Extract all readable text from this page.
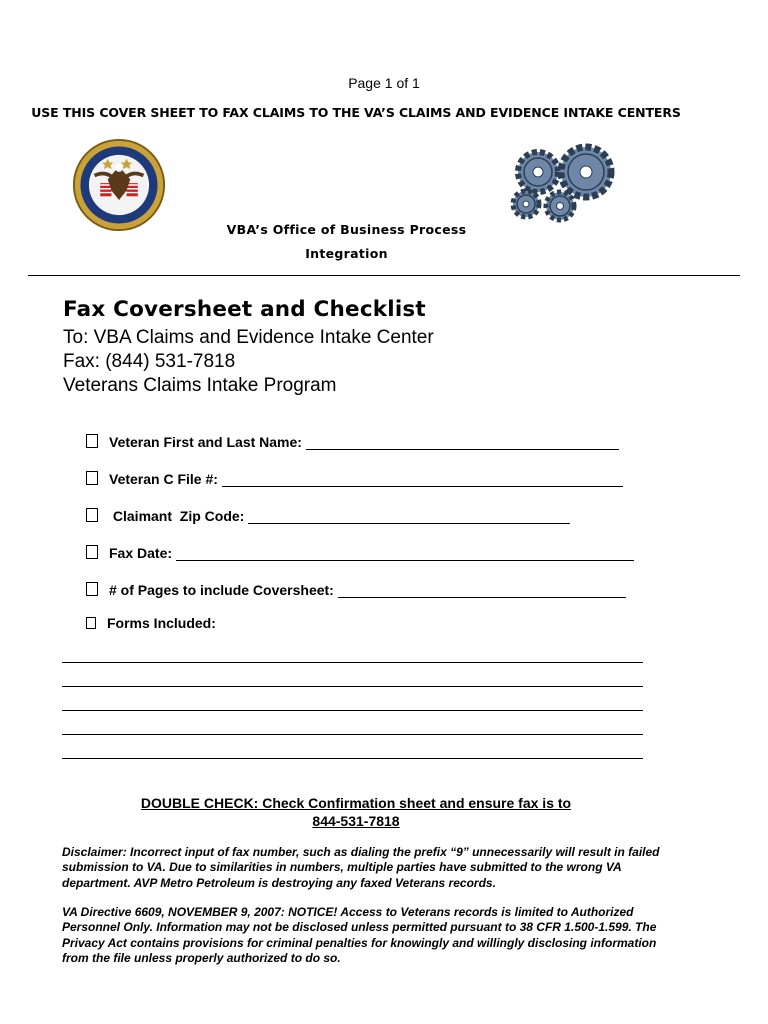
Page 1 of 1
USE THIS COVER SHEET TO FAX CLAIMS TO THE VA’S CLAIMS AND EVIDENCE INTAKE CENTERS
VBA’s Office of Business Process
Integration
Fax Coversheet and Checklist
To: VBA Claims and Evidence Intake Center
Fax: (844) 531-7818
Veterans Claims Intake Program
Veteran First and Last Name:
Veteran C File #:
Claimant  Zip Code:
Fax Date:
# of Pages to include Coversheet:
Forms Included:
DOUBLE CHECK: Check Confirmation sheet and ensure fax is to
844-531-7818
Disclaimer: Incorrect input of fax number, such as dialing the prefix “9” unnecessarily will result in failed submission to VA. Due to similarities in numbers, multiple parties have submitted to the wrong VA department. AVP Metro Petroleum is destroying any faxed Veterans records.
VA Directive 6609, NOVEMBER 9, 2007: NOTICE! Access to Veterans records is limited to Authorized Personnel Only. Information may not be disclosed unless permitted pursuant to 38 CFR 1.500-1.599. The Privacy Act contains provisions for criminal penalties for knowingly and willingly disclosing information from the file unless properly authorized to do so.
